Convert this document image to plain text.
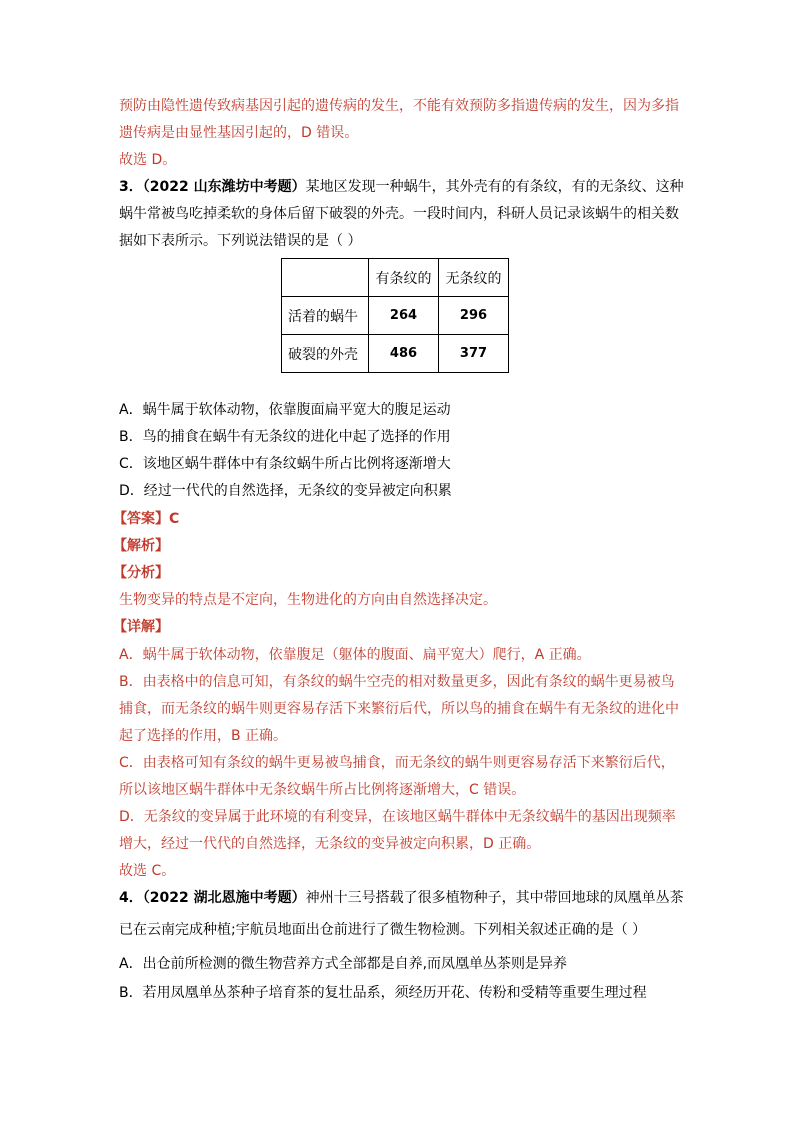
预防由隐性遗传致病基因引起的遗传病的发生，不能有效预防多指遗传病的发生，因为多指
遗传病是由显性基因引起的，D 错误。
故选 D。
3．（2022 山东潍坊中考题）某地区发现一种蜗牛，其外壳有的有条纹，有的无条纹、这种
蜗牛常被鸟吃掉柔软的身体后留下破裂的外壳。一段时间内，科研人员记录该蜗牛的相关数
据如下表所示。下列说法错误的是（ ）
	有条纹的	无条纹的
活着的蜗牛	264	296
破裂的外壳	486	377
A．蜗牛属于软体动物，依靠腹面扁平宽大的腹足运动
B．鸟的捕食在蜗牛有无条纹的进化中起了选择的作用
C．该地区蜗牛群体中有条纹蜗牛所占比例将逐渐增大
D．经过一代代的自然选择，无条纹的变异被定向积累
【答案】C
【解析】
【分析】
生物变异的特点是不定向，生物进化的方向由自然选择决定。
【详解】
A．蜗牛属于软体动物，依靠腹足（躯体的腹面、扁平宽大）爬行，A 正确。
B．由表格中的信息可知，有条纹的蜗牛空壳的相对数量更多，因此有条纹的蜗牛更易被鸟
捕食，而无条纹的蜗牛则更容易存活下来繁衍后代，所以鸟的捕食在蜗牛有无条纹的进化中
起了选择的作用，B 正确。
C．由表格可知有条纹的蜗牛更易被鸟捕食，而无条纹的蜗牛则更容易存活下来繁衍后代，
所以该地区蜗牛群体中无条纹蜗牛所占比例将逐渐增大，C 错误。
D．无条纹的变异属于此环境的有利变异，在该地区蜗牛群体中无条纹蜗牛的基因出现频率
增大，经过一代代的自然选择，无条纹的变异被定向积累，D 正确。
故选 C。
4．（2022 湖北恩施中考题）神州十三号搭载了很多植物种子，其中带回地球的凤凰单丛茶
已在云南完成种植;宇航员地面出仓前进行了微生物检测。下列相关叙述正确的是（ ）
A．出仓前所检测的微生物营养方式全部都是自养,而凤凰单丛茶则是异养
B．若用凤凰单丛茶种子培育茶的复壮品系，须经历开花、传粉和受精等重要生理过程
